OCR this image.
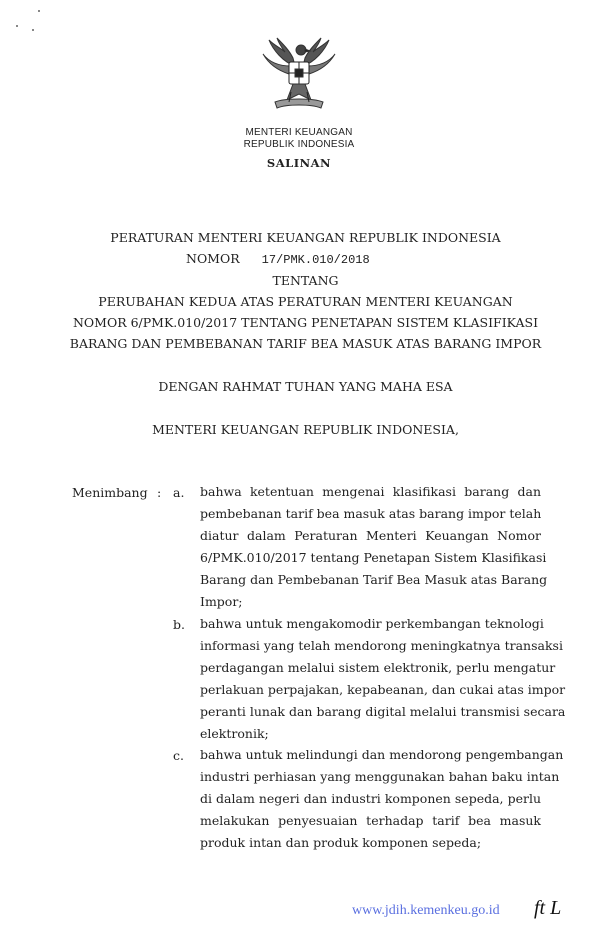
MENTERI KEUANGAN
REPUBLIK INDONESIA
SALINAN
PERATURAN MENTERI KEUANGAN REPUBLIK INDONESIA
NOMOR 17/PMK.010/2018
TENTANG
PERUBAHAN KEDUA ATAS PERATURAN MENTERI KEUANGAN
NOMOR 6/PMK.010/2017 TENTANG PENETAPAN SISTEM KLASIFIKASI
BARANG DAN PEMBEBANAN TARIF BEA MASUK ATAS BARANG IMPOR
DENGAN RAHMAT TUHAN YANG MAHA ESA
MENTERI KEUANGAN REPUBLIK INDONESIA,
Menimbang : a. bahwa ketentuan mengenai klasifikasi barang dan
pembebanan tarif bea masuk atas barang impor telah
diatur dalam Peraturan Menteri Keuangan Nomor
6/PMK.010/2017 tentang Penetapan Sistem Klasifikasi
Barang dan Pembebanan Tarif Bea Masuk atas Barang
Impor;
b. bahwa untuk mengakomodir perkembangan teknologi
informasi yang telah mendorong meningkatnya transaksi
perdagangan melalui sistem elektronik, perlu mengatur
perlakuan perpajakan, kepabeanan, dan cukai atas impor
peranti lunak dan barang digital melalui transmisi secara
elektronik;
c. bahwa untuk melindungi dan mendorong pengembangan
industri perhiasan yang menggunakan bahan baku intan
di dalam negeri dan industri komponen sepeda, perlu
melakukan penyesuaian terhadap tarif bea masuk
produk intan dan produk komponen sepeda;
www.jdih.kemenkeu.go.id ft L
